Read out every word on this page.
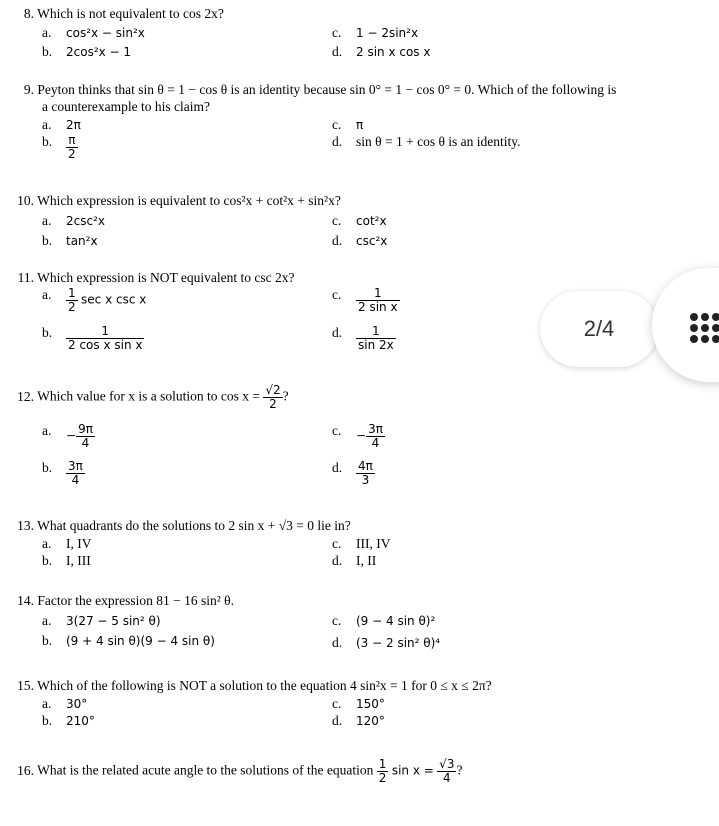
8. Which is not equivalent to cos 2x?
a. cos²x − sin²x	c. 1 − 2sin²x
b. 2cos²x − 1	d. 2 sin x cos x
9. Peyton thinks that sin θ = 1 − cos θ is an identity because sin 0° = 1 − cos 0° = 0. Which of the following is
a counterexample to his claim?
a. 2π	c. π
b. $\frac{\pi}{2}$	d. sin θ = 1 + cos θ is an identity.
10. Which expression is equivalent to cos²x + cot²x + sin²x?
a. 2csc²x	c. cot²x
b. tan²x	d. csc²x
11. Which expression is NOT equivalent to csc 2x?
a. $\frac{1}{2}$ sec x csc x	c. $\frac{1}{\text{2 sin x}}$
b. $\frac{1}{\text{2 cos x sin x}}$	d. $\frac{1}{\sin 2x}$
12. Which value for x is a solution to $\cos x = \frac{√2}{2}$ ?
a. − $\frac{9\pi}{4}$	c. − $\frac{3\pi}{4}$
b. $\frac{3\pi}{4}$	d. $\frac{4\pi}{3}$
13. What quadrants do the solutions to 2 sin x + √3 = 0 lie in?
a. I, IV	c. III, IV
b. I, III	d. I, II
14. Factor the expression 81 − 16 sin² θ.
a. 3(27 − 5 sin² θ)	c. (9 − 4 sin θ)²
b. (9 + 4 sin θ)(9 − 4 sin θ)	d. (3 − 2 sin² θ)⁴
15. Which of the following is NOT a solution to the equation 4 sin²x = 1 for 0 ≤ x ≤ 2π?
a. 30°	c. 150°
b. 210°	d. 120°
16. What is the related acute angle to the solutions of the equation $\frac{1}{2}$ $\sin x = \frac{√3}{4}$ ?
2/4
